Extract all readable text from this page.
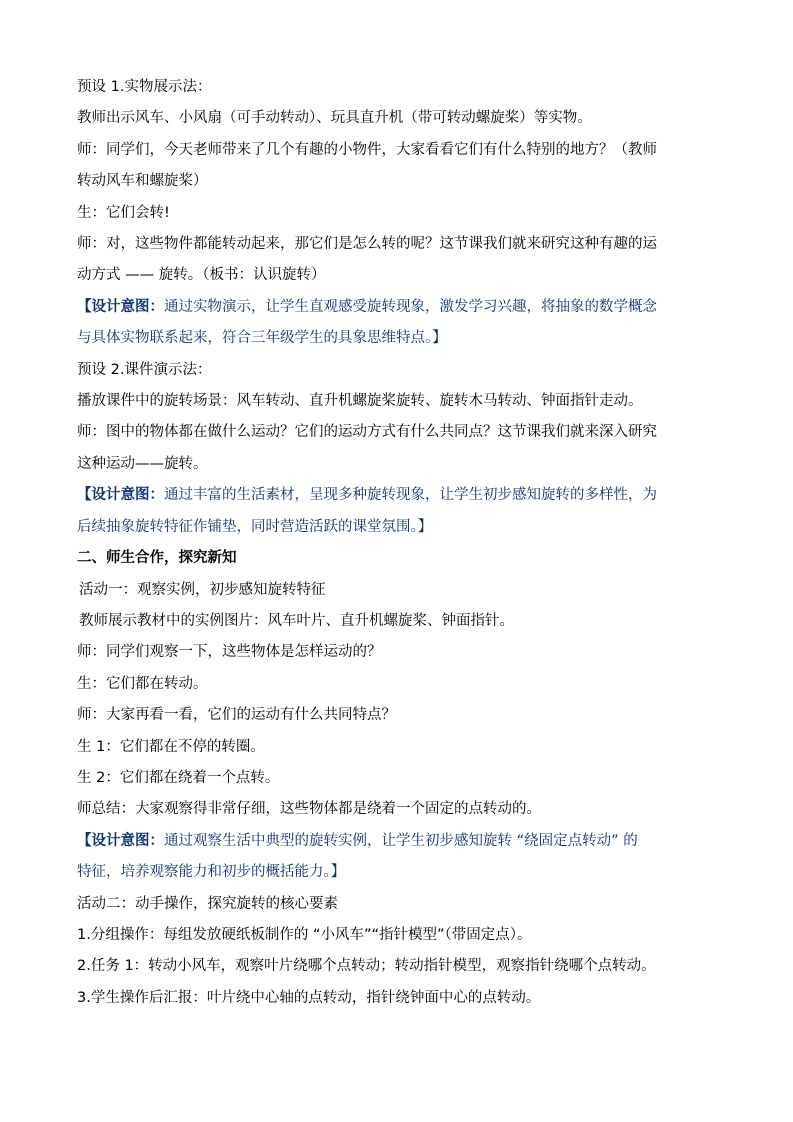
预设 1.实物展示法：

教师出示风车、小风扇（可手动转动）、玩具直升机（带可转动螺旋桨）等实物。

师：同学们，今天老师带来了几个有趣的小物件，大家看看它们有什么特别的地方？（教师

转动风车和螺旋桨）

生：它们会转!

师：对，这些物件都能转动起来，那它们是怎么转的呢？这节课我们就来研究这种有趣的运

动方式 —— 旋转。（板书：认识旋转）

【设计意图：通过实物演示，让学生直观感受旋转现象，激发学习兴趣，将抽象的数学概念

与具体实物联系起来，符合三年级学生的具象思维特点。】

预设 2.课件演示法：

播放课件中的旋转场景：风车转动、直升机螺旋桨旋转、旋转木马转动、钟面指针走动。

师：图中的物体都在做什么运动？它们的运动方式有什么共同点？这节课我们就来深入研究

这种运动——旋转。

【设计意图：通过丰富的生活素材，呈现多种旋转现象，让学生初步感知旋转的多样性，为

后续抽象旋转特征作铺垫，同时营造活跃的课堂氛围。】

二、师生合作，探究新知

活动一：观察实例，初步感知旋转特征

教师展示教材中的实例图片：风车叶片、直升机螺旋桨、钟面指针。

师：同学们观察一下，这些物体是怎样运动的？

生：它们都在转动。

师：大家再看一看，它们的运动有什么共同特点？

生 1：它们都在不停的转圈。

生 2：它们都在绕着一个点转。

师总结：大家观察得非常仔细，这些物体都是绕着一个固定的点转动的。

【设计意图：通过观察生活中典型的旋转实例，让学生初步感知旋转 “绕固定点转动” 的

特征，培养观察能力和初步的概括能力。】

活动二：动手操作，探究旋转的核心要素

1.分组操作：每组发放硬纸板制作的 “小风车”“指针模型”（带固定点）。

2.任务 1：转动小风车，观察叶片绕哪个点转动；转动指针模型，观察指针绕哪个点转动。

3.学生操作后汇报：叶片绕中心轴的点转动，指针绕钟面中心的点转动。
